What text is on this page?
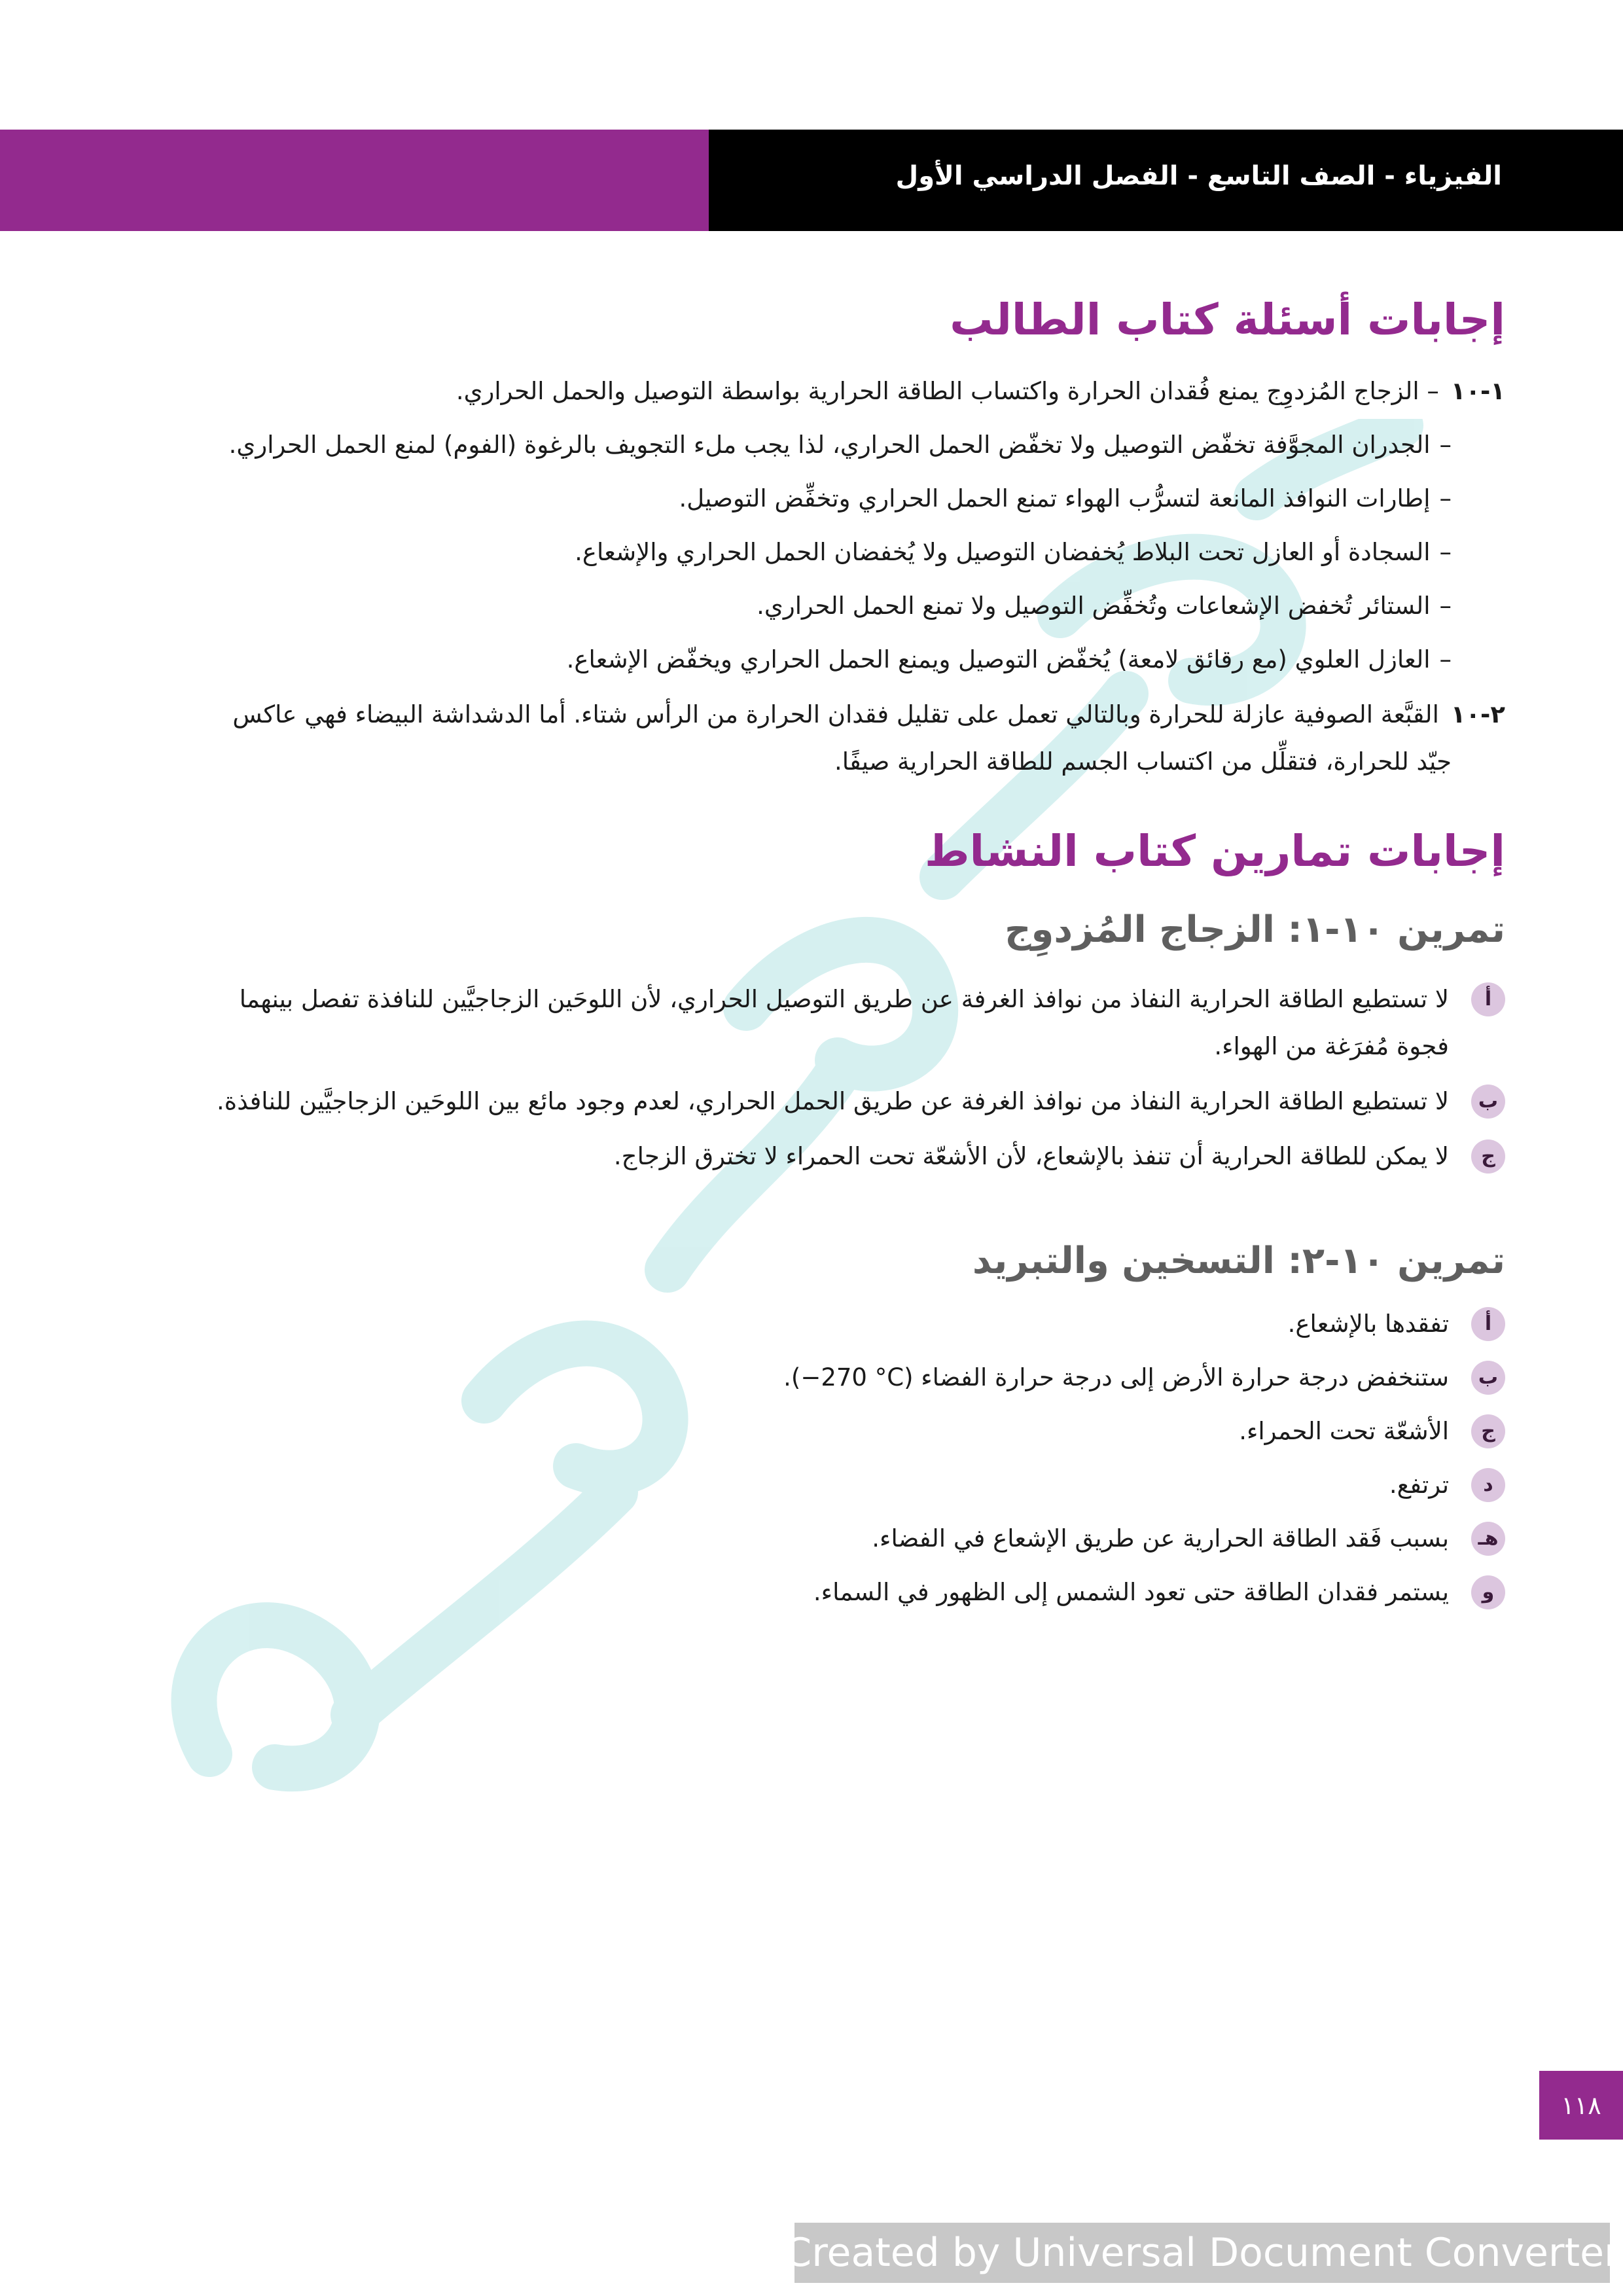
الفيزياء - الصف التاسع - الفصل الدراسي الأول
إجابات أسئلة كتاب الطالب
١-١٠– الزجاج المُزدوِج يمنع فُقدان الحرارة واكتساب الطاقة الحرارية بواسطة التوصيل والحمل الحراري.
–الجدران المجوَّفة تخفّض التوصيل ولا تخفّض الحمل الحراري، لذا يجب ملء التجويف بالرغوة (الفوم) لمنع الحمل الحراري.
–إطارات النوافذ المانعة لتسرُّب الهواء تمنع الحمل الحراري وتخفِّض التوصيل.
–السجادة أو العازل تحت البلاط يُخفضان التوصيل ولا يُخفضان الحمل الحراري والإشعاع.
–الستائر تُخفض الإشعاعات وتُخفِّض التوصيل ولا تمنع الحمل الحراري.
–العازل العلوي (مع رقائق لامعة) يُخفّض التوصيل ويمنع الحمل الحراري ويخفّض الإشعاع.
٢-١٠القبَّعة الصوفية عازلة للحرارة وبالتالي تعمل على تقليل فقدان الحرارة من الرأس شتاء. أما الدشداشة البيضاء فهي عاكس
جيّد للحرارة، فتقلِّل من اكتساب الجسم للطاقة الحرارية صيفًا.
إجابات تمارين كتاب النشاط
تمرين ١٠-١: الزجاج المُزدوِج
أ
لا تستطيع الطاقة الحرارية النفاذ من نوافذ الغرفة عن طريق التوصيل الحراري، لأن اللوحَين الزجاجيَّين للنافذة تفصل بينهما
فجوة مُفرَغة من الهواء.
ب
لا تستطيع الطاقة الحرارية النفاذ من نوافذ الغرفة عن طريق الحمل الحراري، لعدم وجود مائع بين اللوحَين الزجاجيَّين للنافذة.
ج
لا يمكن للطاقة الحرارية أن تنفذ بالإشعاع، لأن الأشعّة تحت الحمراء لا تخترق الزجاج.
تمرين ١٠-٢: التسخين والتبريد
أ
تفقدها بالإشعاع.
ب
ستنخفض درجة حرارة الأرض إلى درجة حرارة الفضاء (‎−270 °C‎).
ج
الأشعّة تحت الحمراء.
د
ترتفع.
هـ
بسبب فَقد الطاقة الحرارية عن طريق الإشعاع في الفضاء.
و
يستمر فقدان الطاقة حتى تعود الشمس إلى الظهور في السماء.
١١٨
Created by Universal Document Converter
